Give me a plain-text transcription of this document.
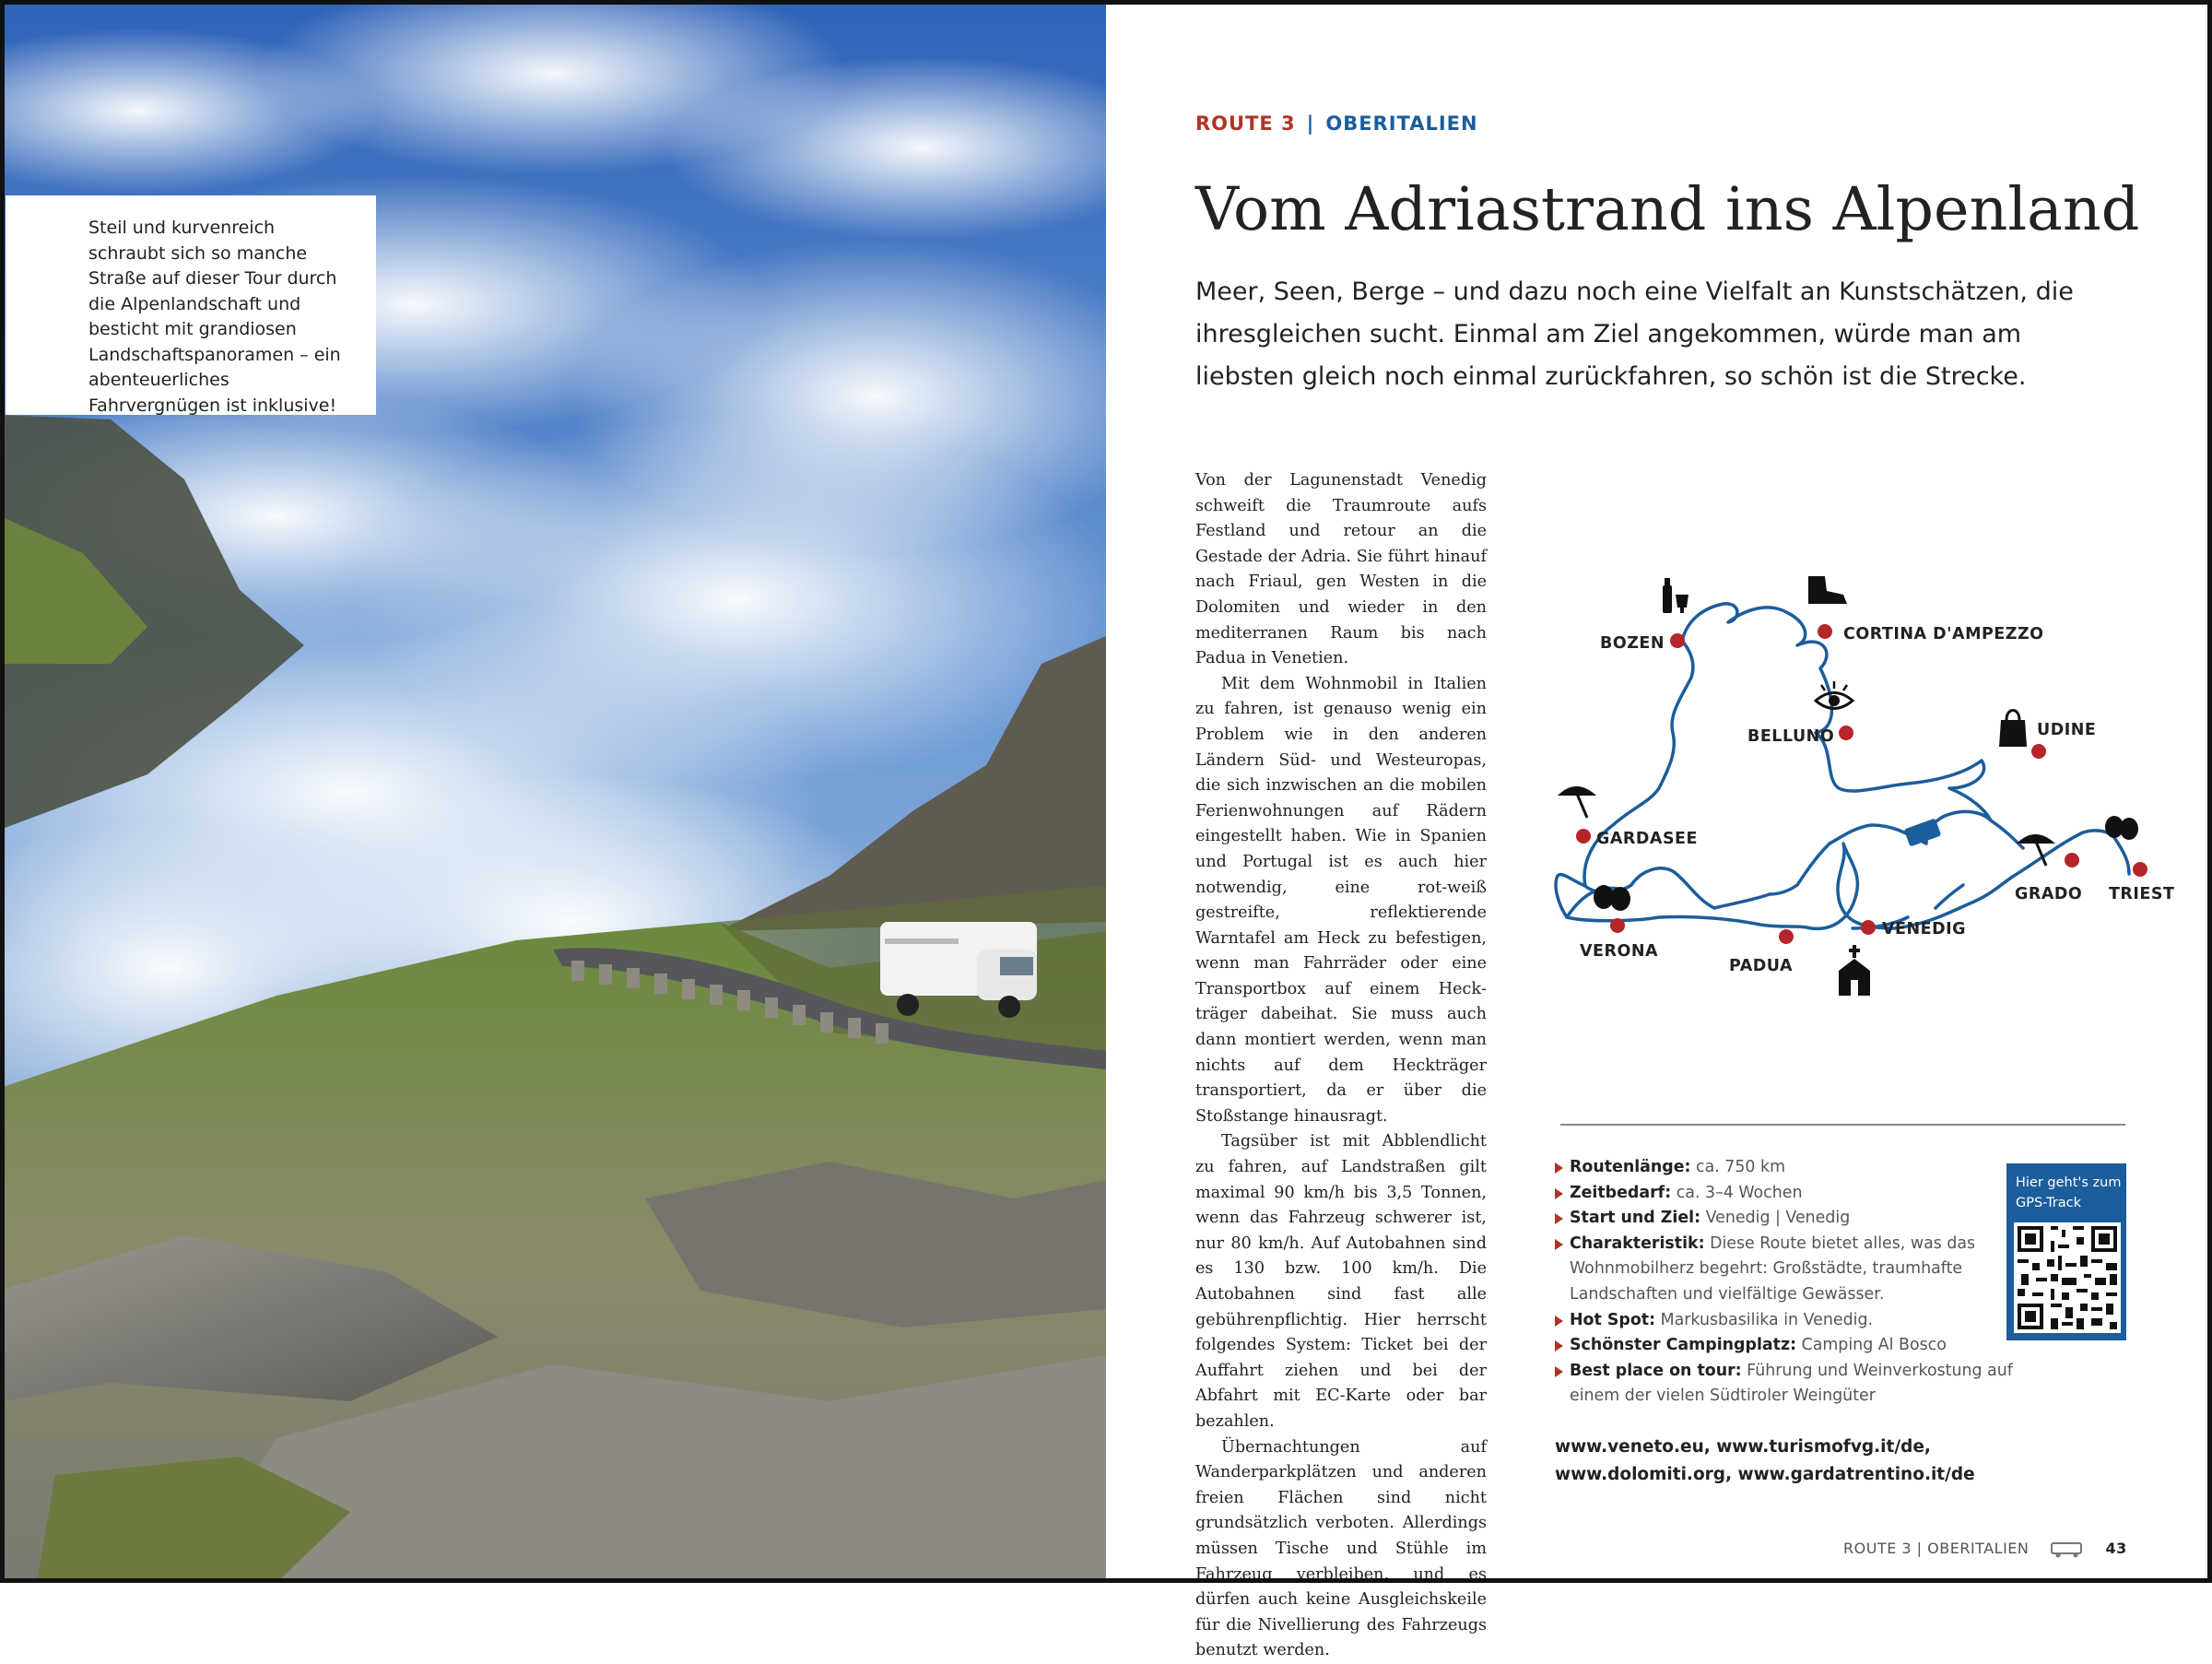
Steil und kurvenreich schraubt sich so manche Straße auf dieser Tour durch die Alpenlandschaft und besticht mit grandiosen Landschaftspanoramen – ein abenteuerliches Fahrvergnügen ist inklusive!

ROUTE 3 | OBERITALIEN
Vom Adriastrand ins Alpenland

Meer, Seen, Berge – und dazu noch eine Vielfalt an Kunstschätzen, die ihresgleichen sucht. Einmal am Ziel angekommen, würde man am liebsten gleich noch einmal zurückfahren, so schön ist die Strecke.

Von der Lagunenstadt Venedig schweift die Traumroute aufs Festland und retour an die Gestade der Adria. Sie führt hinauf nach Friaul, gen Westen in die Dolomiten und wieder in den mediterranen Raum bis nach Padua in Venetien.

Mit dem Wohnmobil in Italien zu fahren, ist genauso wenig ein Problem wie in den anderen Ländern Süd- und Westeuropas, die sich inzwischen an die mobilen Ferienwohnungen auf Rädern eingestellt haben. Wie in Spanien und Portugal ist es auch hier notwendig, eine rot-weiß gestreifte, reflektierende Warntafel am Heck zu befestigen, wenn man Fahrräder oder eine Transportbox auf einem Heckträger dabeihat. Sie muss auch dann montiert werden, wenn man nichts auf dem Heckträger transportiert, da er über die Stoßstange hinausragt.

Tagsüber ist mit Abblendlicht zu fahren, auf Landstraßen gilt maximal 90 km/h bis 3,5 Tonnen, wenn das Fahrzeug schwerer ist, nur 80 km/h. Auf Autobahnen sind es 130 bzw. 100 km/h. Die Autobahnen sind fast alle gebührenpflichtig. Hier herrscht folgendes System: Ticket bei der Auffahrt ziehen und bei der Abfahrt mit EC-Karte oder bar bezahlen.

Übernachtungen auf Wanderparkplätzen und anderen freien Flächen sind nicht grundsätzlich verboten. Allerdings müssen Tische und Stühle im Fahrzeug verbleiben, und es dürfen auch keine Ausgleichskeile für die Nivellierung des Fahrzeugs benutzt werden.

BOZEN	CORTINA D'AMPEZZO
BELLUNO	UDINE
GARDASEE
VERONA
PADUA
VENEDIG
GRADO TRIEST
Routenlänge: ca. 750 km
Zeitbedarf: ca. 3–4 Wochen
Start und Ziel: Venedig | Venedig
Charakteristik: Diese Route bietet alles, was das Wohnmobilherz begehrt: Großstädte, traumhafte Landschaften und vielfältige Gewässer.
Hot Spot: Markusbasilika in Venedig.
Schönster Campingplatz: Camping Al Bosco
Best place on tour: Führung und Weinverkostung auf einem der vielen Südtiroler Weingüter

www.veneto.eu, www.turismofvg.it/de,
www.dolomiti.org, www.gardatrentino.it/de

Hier geht's zum GPS-Track
ROUTE 3 | OBERITALIEN	43
